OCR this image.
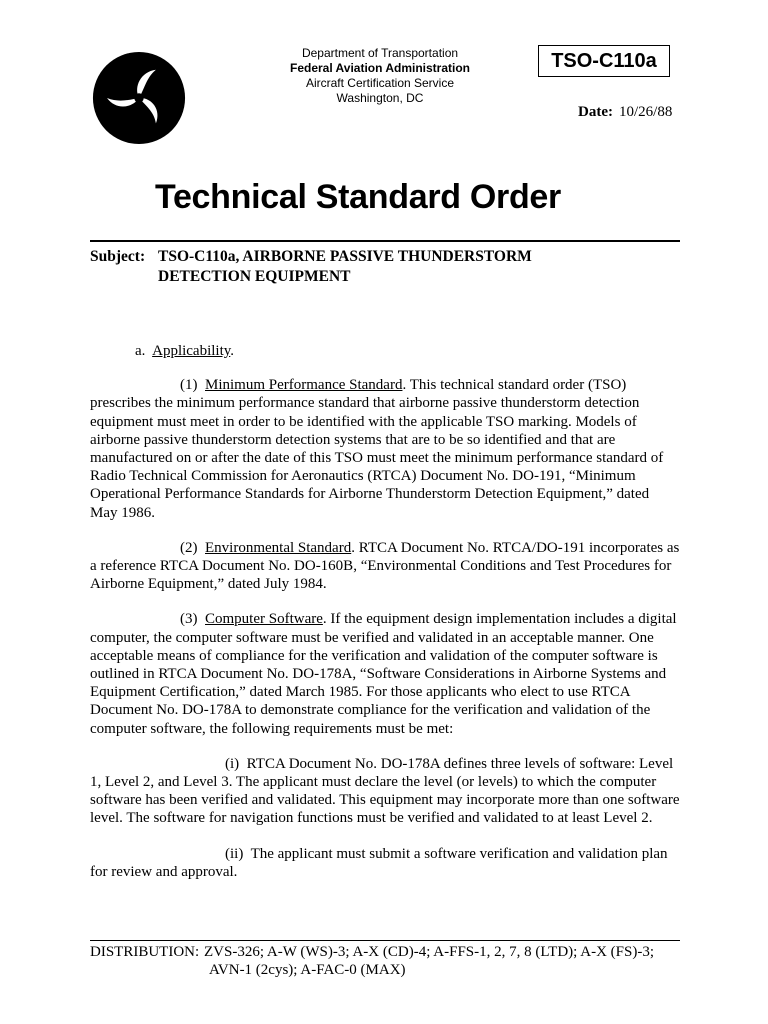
Department of Transportation
Federal Aviation Administration
Aircraft Certification Service
Washington, DC
TSO-C110a
Date: 10/26/88
Technical Standard Order
Subject: TSO-C110a, AIRBORNE PASSIVE THUNDERSTORM
DETECTION EQUIPMENT

a. Applicability.

(1) Minimum Performance Standard. This technical standard order (TSO) prescribes the minimum performance standard that airborne passive thunderstorm detection equipment must meet in order to be identified with the applicable TSO marking. Models of airborne passive thunderstorm detection systems that are to be so identified and that are manufactured on or after the date of this TSO must meet the minimum performance standard of Radio Technical Commission for Aeronautics (RTCA) Document No. DO-191, “Minimum Operational Performance Standards for Airborne Thunderstorm Detection Equipment,” dated May 1986.

(2) Environmental Standard. RTCA Document No. RTCA/DO-191 incorporates as a reference RTCA Document No. DO-160B, “Environmental Conditions and Test Procedures for Airborne Equipment,” dated July 1984.

(3) Computer Software. If the equipment design implementation includes a digital computer, the computer software must be verified and validated in an acceptable manner. One acceptable means of compliance for the verification and validation of the computer software is outlined in RTCA Document No. DO-178A, “Software Considerations in Airborne Systems and Equipment Certification,” dated March 1985. For those applicants who elect to use RTCA Document No. DO-178A to demonstrate compliance for the verification and validation of the computer software, the following requirements must be met:

(i) RTCA Document No. DO-178A defines three levels of software: Level 1, Level 2, and Level 3. The applicant must declare the level (or levels) to which the computer software has been verified and validated. This equipment may incorporate more than one software level. The software for navigation functions must be verified and validated to at least Level 2.

(ii) The applicant must submit a software verification and validation plan for review and approval.

DISTRIBUTION: ZVS-326; A-W (WS)-3; A-X (CD)-4; A-FFS-1, 2, 7, 8 (LTD); A-X (FS)-3;
AVN-1 (2cys); A-FAC-0 (MAX)
